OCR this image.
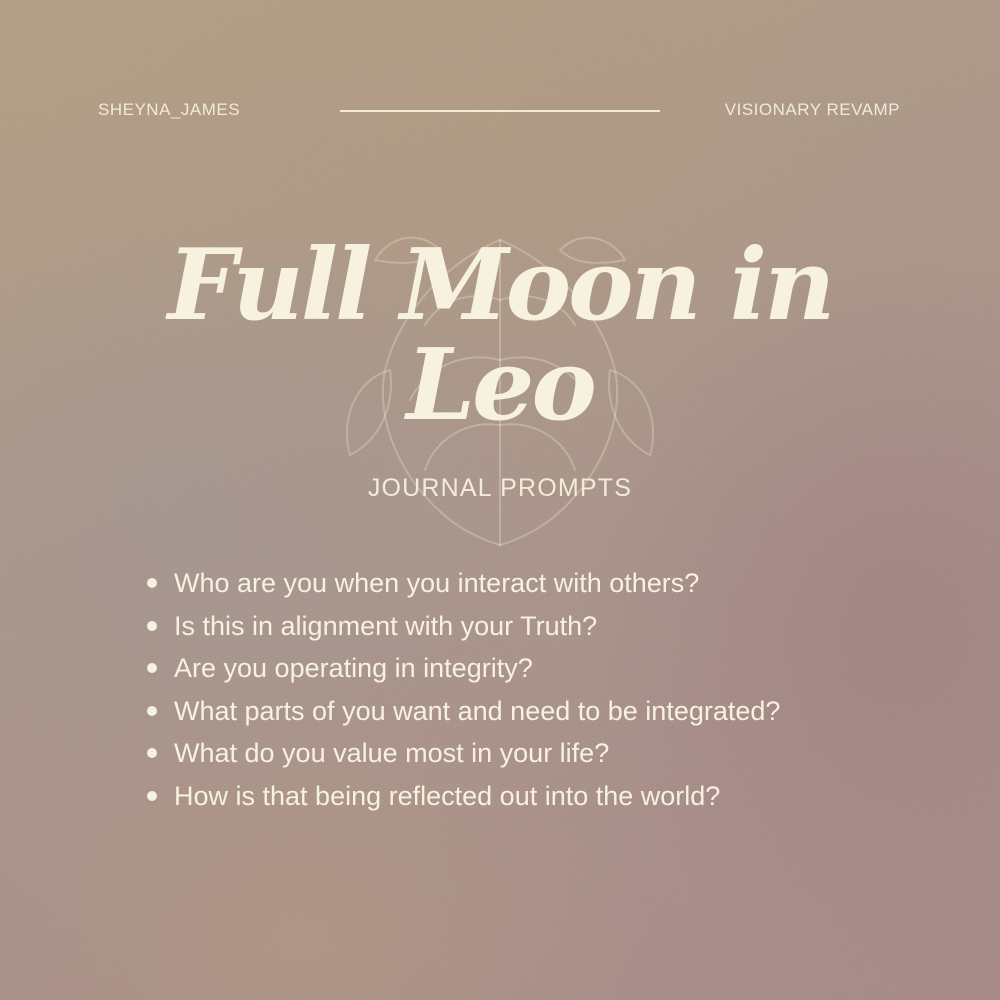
SHEYNA_JAMES	VISIONARY REVAMP
Full Moon in
Leo
JOURNAL PROMPTS
Who are you when you interact with others?
Is this in alignment with your Truth?
Are you operating in integrity?
What parts of you want and need to be integrated?
What do you value most in your life?
How is that being reflected out into the world?
